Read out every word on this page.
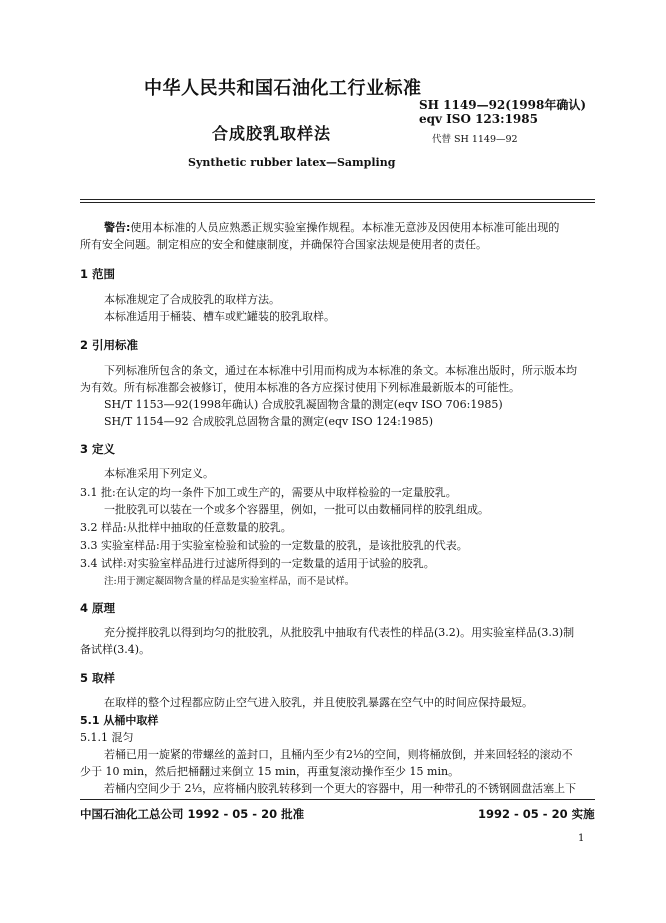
中华人民共和国石油化工行业标准
SH 1149—92(1998年确认)
eqv ISO 123:1985
合成胶乳取样法	代替 SH 1149—92
Synthetic rubber latex—Sampling
警告:使用本标准的人员应熟悉正规实验室操作规程。本标准无意涉及因使用本标准可能出现的
所有安全问题。制定相应的安全和健康制度，并确保符合国家法规是使用者的责任。
1 范围
本标准规定了合成胶乳的取样方法。
本标准适用于桶装、槽车或贮罐装的胶乳取样。
2 引用标准
下列标准所包含的条文，通过在本标准中引用而构成为本标准的条文。本标准出版时，所示版本均
为有效。所有标准都会被修订，使用本标准的各方应探讨使用下列标准最新版本的可能性。
SH/T 1153—92(1998年确认) 合成胶乳凝固物含量的测定(eqv ISO 706:1985)
SH/T 1154—92 合成胶乳总固物含量的测定(eqv ISO 124:1985)
3 定义
本标准采用下列定义。
3.1 批:在认定的均一条件下加工或生产的，需要从中取样检验的一定量胶乳。
一批胶乳可以装在一个或多个容器里，例如，一批可以由数桶同样的胶乳组成。
3.2 样品:从批样中抽取的任意数量的胶乳。
3.3 实验室样品:用于实验室检验和试验的一定数量的胶乳，是该批胶乳的代表。
3.4 试样:对实验室样品进行过滤所得到的一定数量的适用于试验的胶乳。
注:用于测定凝固物含量的样品是实验室样品，而不是试样。
4 原理
充分搅拌胶乳以得到均匀的批胶乳，从批胶乳中抽取有代表性的样品(3.2)。用实验室样品(3.3)制
备试样(3.4)。
5 取样
在取样的整个过程都应防止空气进入胶乳，并且使胶乳暴露在空气中的时间应保持最短。
5.1 从桶中取样
5.1.1 混匀
若桶已用一旋紧的带螺丝的盖封口，且桶内至少有2⅓的空间，则将桶放倒，并来回轻轻的滚动不
少于 10 min，然后把桶翻过来倒立 15 min，再重复滚动操作至少 15 min。
若桶内空间少于 2⅓，应将桶内胶乳转移到一个更大的容器中，用一种带孔的不锈钢圆盘活塞上下
中国石油化工总公司 1992 - 05 - 20 批准	1992 - 05 - 20 实施
1
